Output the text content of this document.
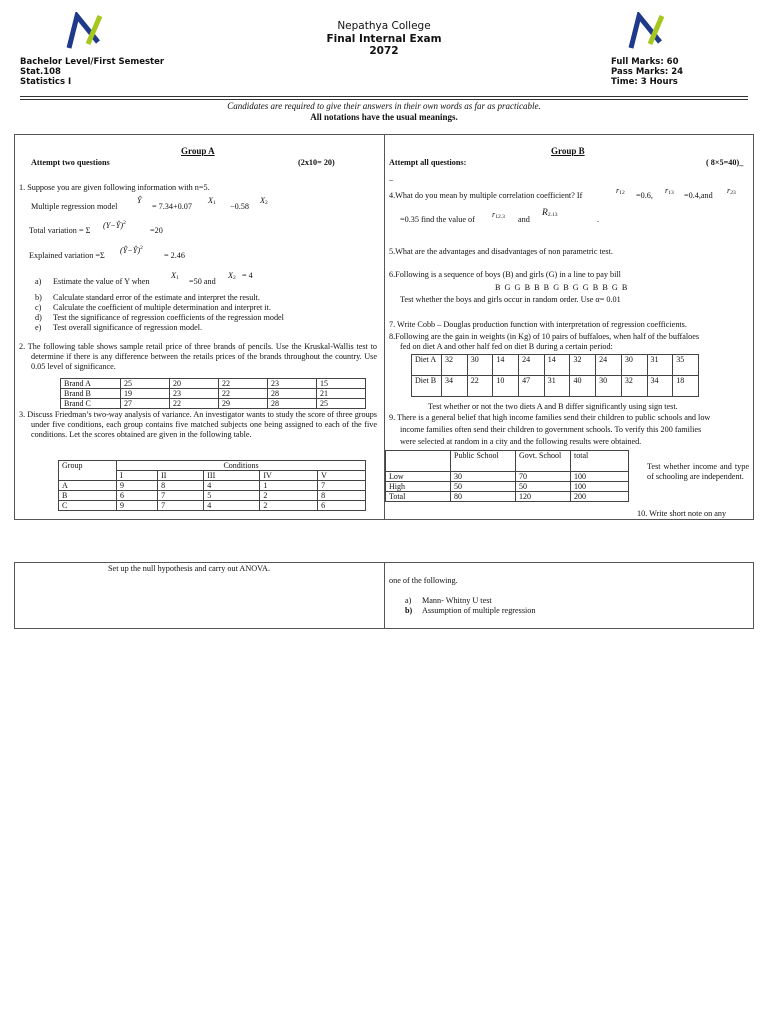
Nepathya College
Final Internal Exam
2072
Bachelor Level/First Semester
Stat.108
Statistics I
Full Marks: 60
Pass Marks: 24
Time: 3 Hours
Candidates are required to give their answers in their own words as far as practicable.
All notations have the usual meanings.
Group A
Attempt two questions	(2x10= 20)
1. Suppose you are given following information with n=5.
Multiple regression model
Ŷ
= 7.34+0.07
X1 −0.58
X2
Total variation = Σ
(Y−Ŷ)$^2$
=20
Explained variation =Σ
(Ŷ−Ŷ)$^2$
= 2.46
a) Estimate the value of Y when
X1 =50 and
X2 = 4
b) Calculate standard error of the estimate and interpret the result.
c) Calculate the coefficient of multiple determination and interpret it.
d) Test the significance of regression coefficients of the regression model
e) Test overall significance of regression model.
2. The following table shows sample retail price of three brands of pencils. Use the Kruskal-Wallis test to determine if there is any difference between the retails prices of the brands throughout the country. Use 0.05 level of significance.
Brand A	25	20	22	23	15
Brand B	19	23	22	28	21
Brand C	27	22	29	28	25
3. Discuss Friedman’s two-way analysis of variance. An investigator wants to study the score of three groups under five conditions, each group contains five matched subjects one being assigned to each of the five conditions. Let the scores obtained are given in the following table.
Group	Conditions				
	I	II	III	IV	V
A	9	8	4	1	7
B	6	7	5	2	8
C	9	7	4	2	6
Group B
Attempt all questions:	( 8×5=40)_
_
4.What do you mean by multiple correlation coefficient? If
r12 =0.6,
r13 =0.4,and
r23
=0.35 find the value of
r12.3 and
R2.13	.
5.What are the advantages and disadvantages of non parametric test.
6.Following is a sequence of boys (B) and girls (G) in a line to pay bill
B  G  G  B  B  B  G  B  G  G  B  B  G  B
Test whether the boys and girls occur in random order. Use α= 0.01
7. Write Cobb – Douglas production function with interpretation of regression coefficients.
8.Following are the gain in weights (in Kg) of 10 pairs of buffaloes, when half of the buffaloes
fed on diet A and other half fed on diet B during a certain period:
Diet A	32	30	14	24	14	32	24	30	31	35
Diet B	34	22	10	47	31	40	30	32	34	18
Test whether or not the two diets A and B differ significantly using sign test.
9. There is a general belief that high income families send their children to public schools and low
income families often send their children to government schools. To verify this 200 families
were selected at random in a city and the following results were obtained.
	Public School	Govt. School	total
Low	30	70	100
High	50	50	100
Total	80	120	200
Test whether income and type of schooling are independent.
10. Write short note on any
Set up the null hypothesis and carry out ANOVA.
one of the following.
a) Mann- Whitny U test
b) Assumption of multiple regression
